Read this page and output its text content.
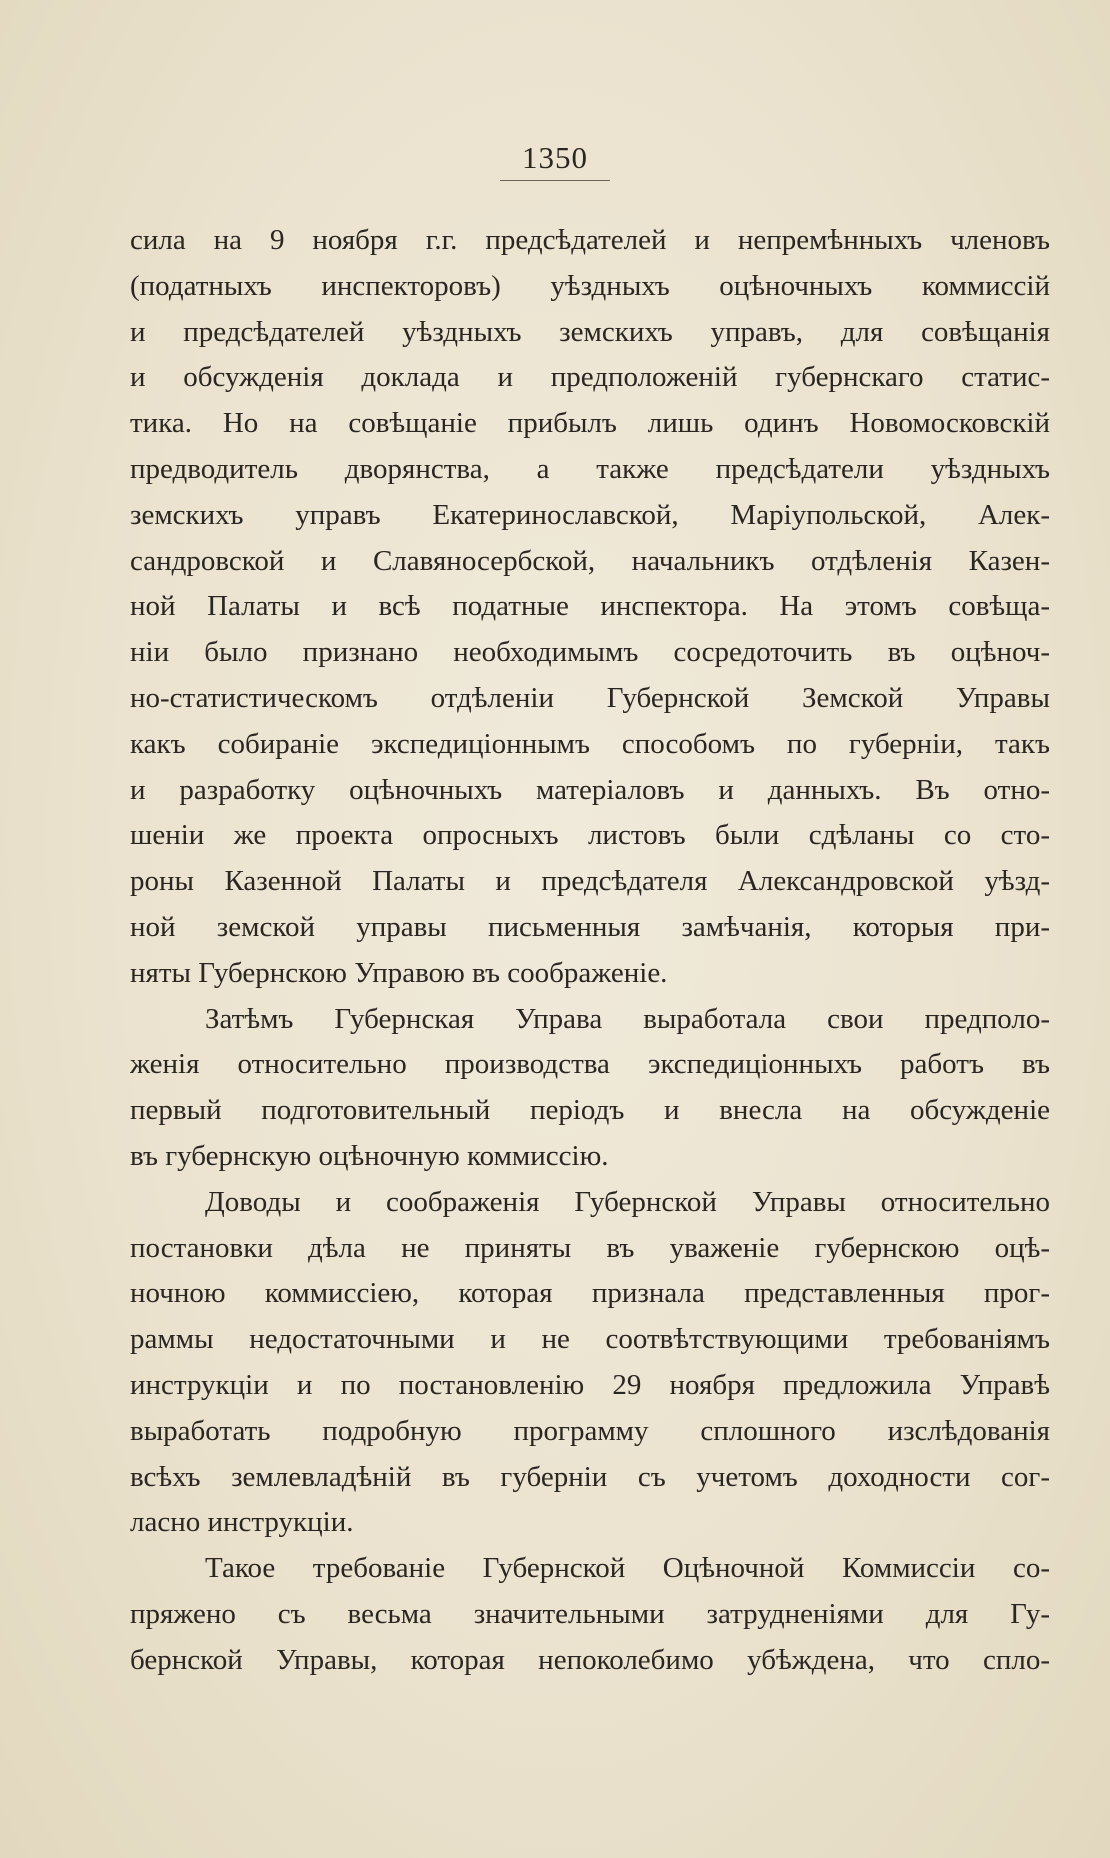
1350
сила на 9 ноября г.г. предсѣдателей и непремѣнныхъ членовъ
(податныхъ инспекторовъ) уѣздныхъ оцѣночныхъ коммиссій
и предсѣдателей уѣздныхъ земскихъ управъ, для совѣщанія
и обсужденія доклада и предположеній губернскаго статис-
тика. Но на совѣщаніе прибылъ лишь одинъ Новомосковскій
предводитель дворянства, а также предсѣдатели уѣздныхъ
земскихъ управъ Екатеринославской, Маріупольской, Алек-
сандровской и Славяносербской, начальникъ отдѣленія Казен-
ной Палаты и всѣ податные инспектора. На этомъ совѣща-
ніи было признано необходимымъ сосредоточить въ оцѣноч-
но-статистическомъ отдѣленіи Губернской Земской Управы
какъ собираніе экспедиціоннымъ способомъ по губерніи, такъ
и разработку оцѣночныхъ матеріаловъ и данныхъ. Въ отно-
шеніи же проекта опросныхъ листовъ были сдѣланы со сто-
роны Казенной Палаты и предсѣдателя Александровской уѣзд-
ной земской управы письменныя замѣчанія, которыя при-
няты Губернскою Управою въ соображеніе.
Затѣмъ Губернская Управа выработала свои предполо-
женія относительно производства экспедиціонныхъ работъ въ
первый подготовительный періодъ и внесла на обсужденіе
въ губернскую оцѣночную коммиссію.
Доводы и соображенія Губернской Управы относительно
постановки дѣла не приняты въ уваженіе губернскою оцѣ-
ночною коммиссіею, которая признала представленныя прог-
раммы недостаточными и не соотвѣтствующими требованіямъ
инструкціи и по постановленію 29 ноября предложила Управѣ
выработать подробную программу сплошного изслѣдованія
всѣхъ землевладѣній въ губерніи съ учетомъ доходности сог-
ласно инструкціи.
Такое требованіе Губернской Оцѣночной Коммиссіи со-
пряжено съ весьма значительными затрудненіями для Гу-
бернской Управы, которая непоколебимо убѣждена, что спло-
